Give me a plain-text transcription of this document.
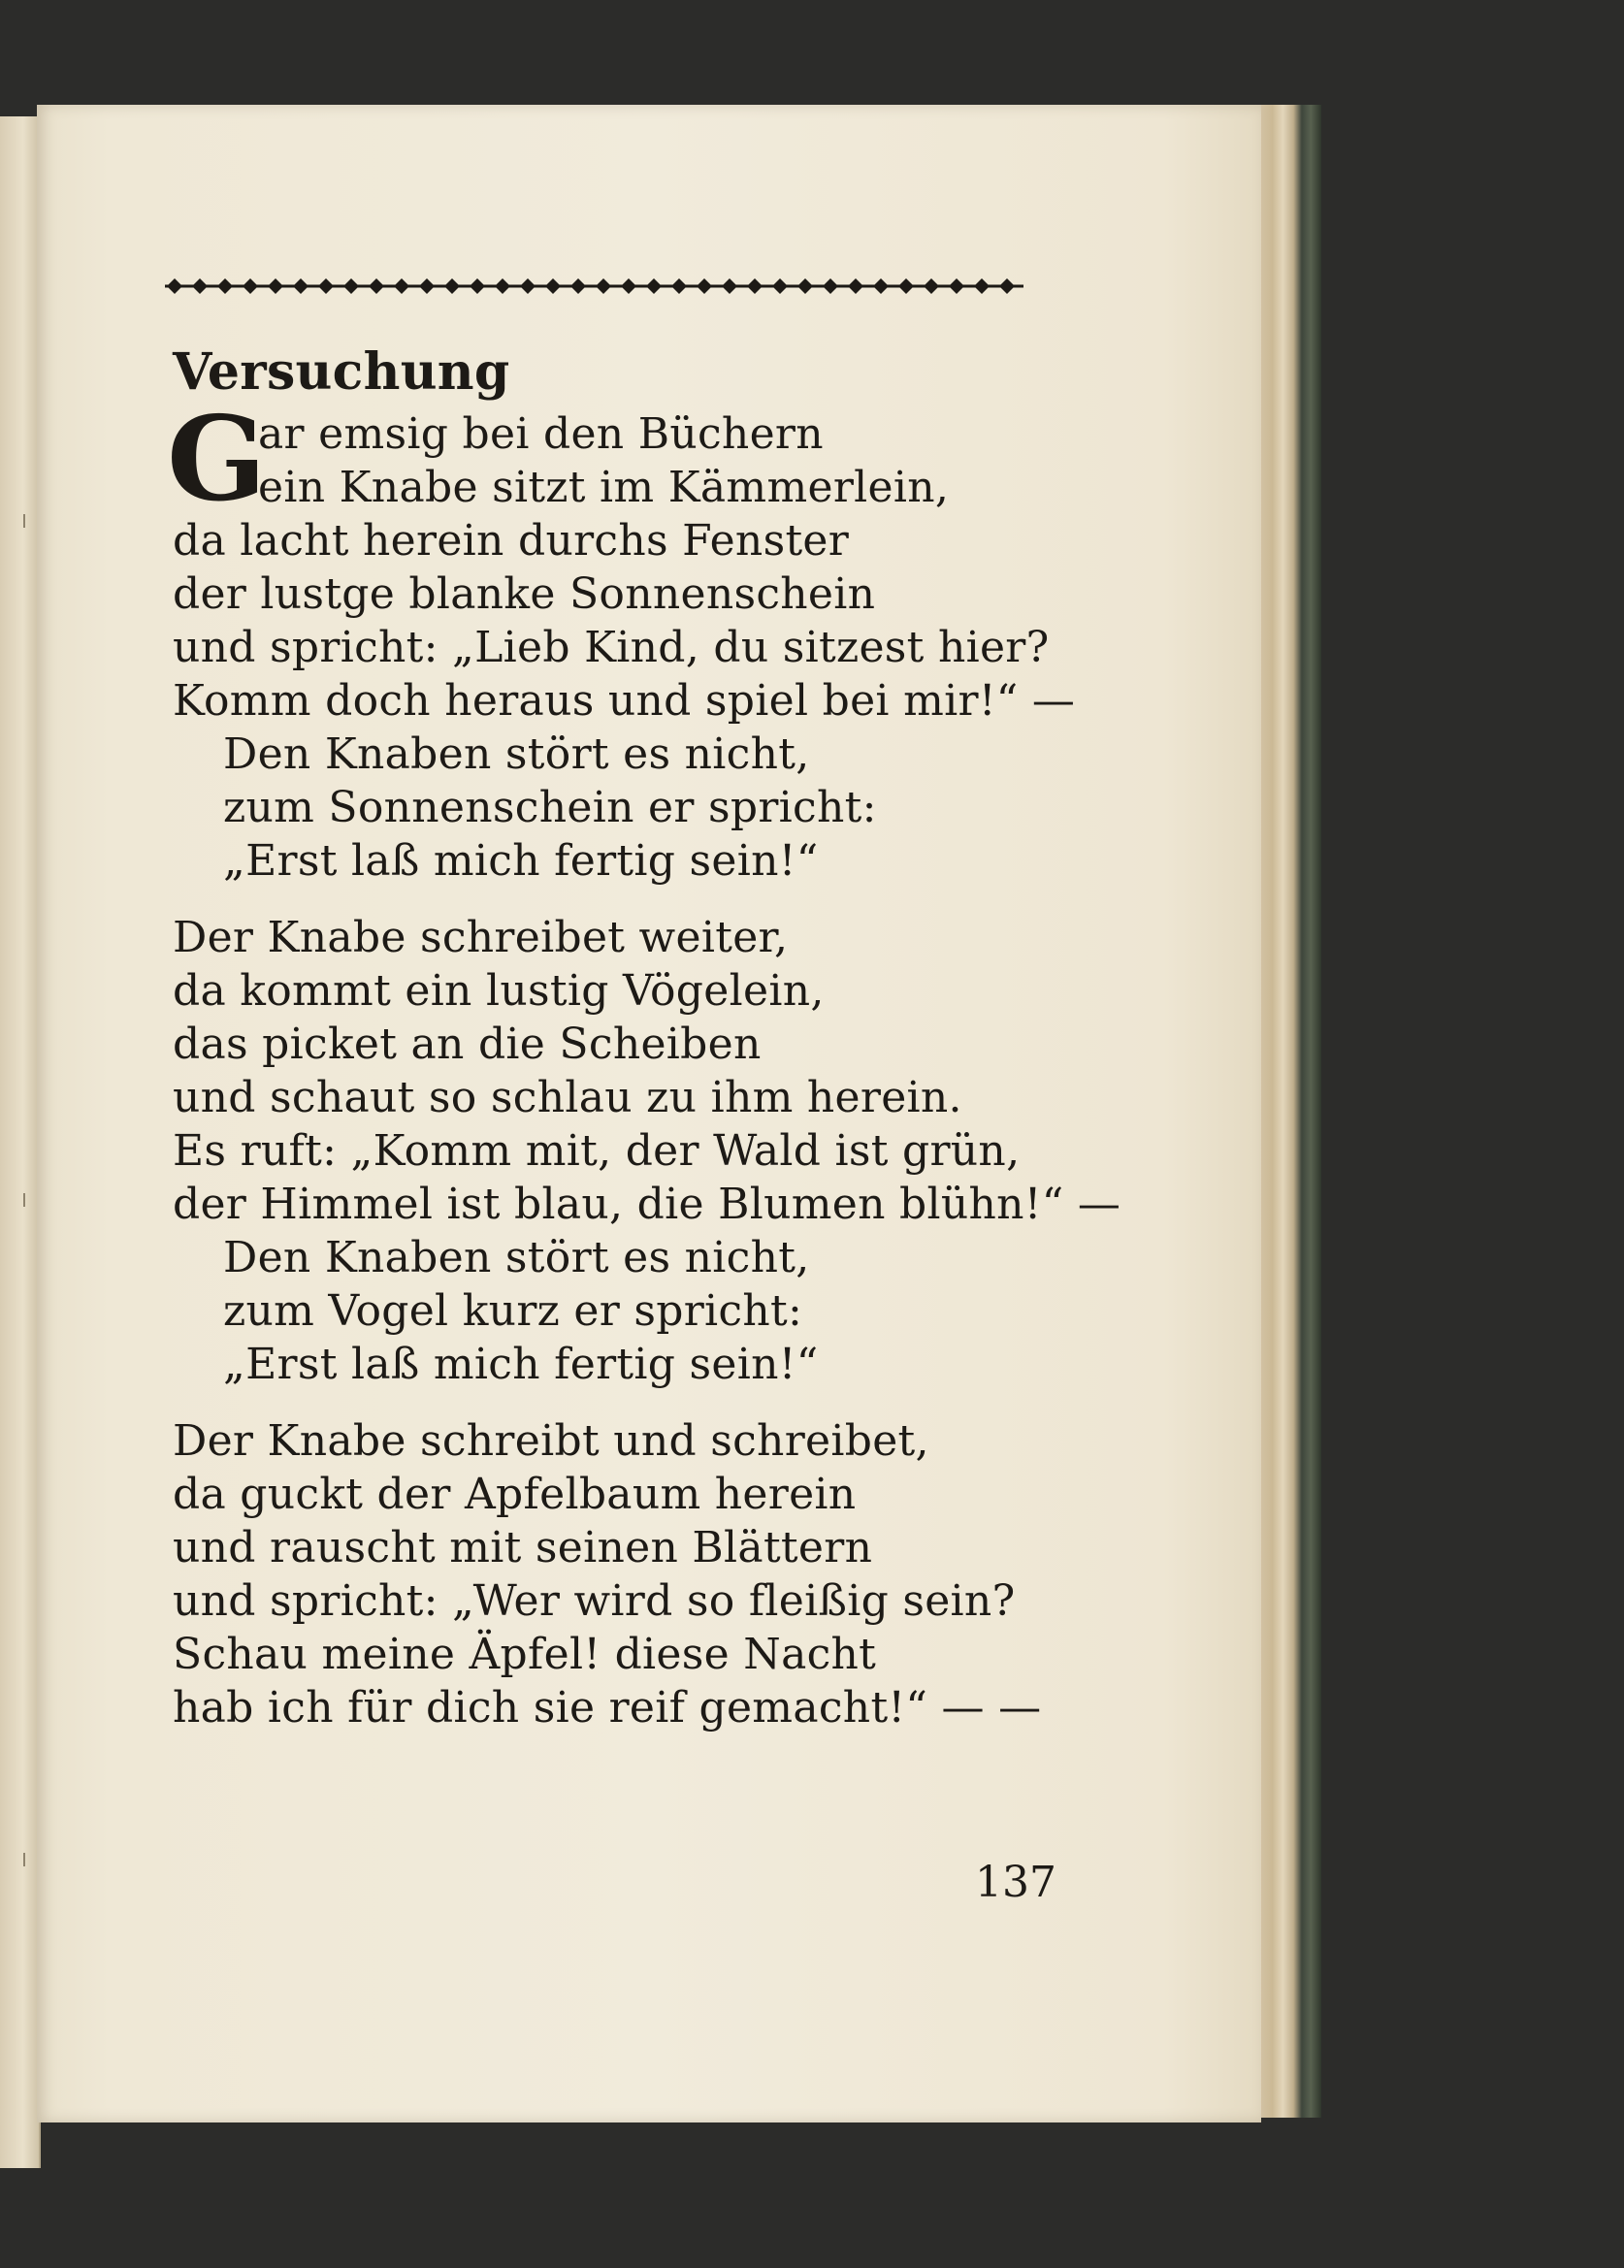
Versuchung
G
ar emsig bei den Büchern
ein Knabe sitzt im Kämmerlein,
da lacht herein durchs Fenster
der lustge blanke Sonnenschein
und spricht: „Lieb Kind, du sitzest hier?
Komm doch heraus und spiel bei mir!“ —
Den Knaben stört es nicht,
zum Sonnenschein er spricht:
„Erst laß mich fertig sein!“
Der Knabe schreibet weiter,
da kommt ein lustig Vögelein,
das picket an die Scheiben
und schaut so schlau zu ihm herein.
Es ruft: „Komm mit, der Wald ist grün,
der Himmel ist blau, die Blumen blühn!“ —
Den Knaben stört es nicht,
zum Vogel kurz er spricht:
„Erst laß mich fertig sein!“
Der Knabe schreibt und schreibet,
da guckt der Apfelbaum herein
und rauscht mit seinen Blättern
und spricht: „Wer wird so fleißig sein?
Schau meine Äpfel! diese Nacht
hab ich für dich sie reif gemacht!“ — —
137
